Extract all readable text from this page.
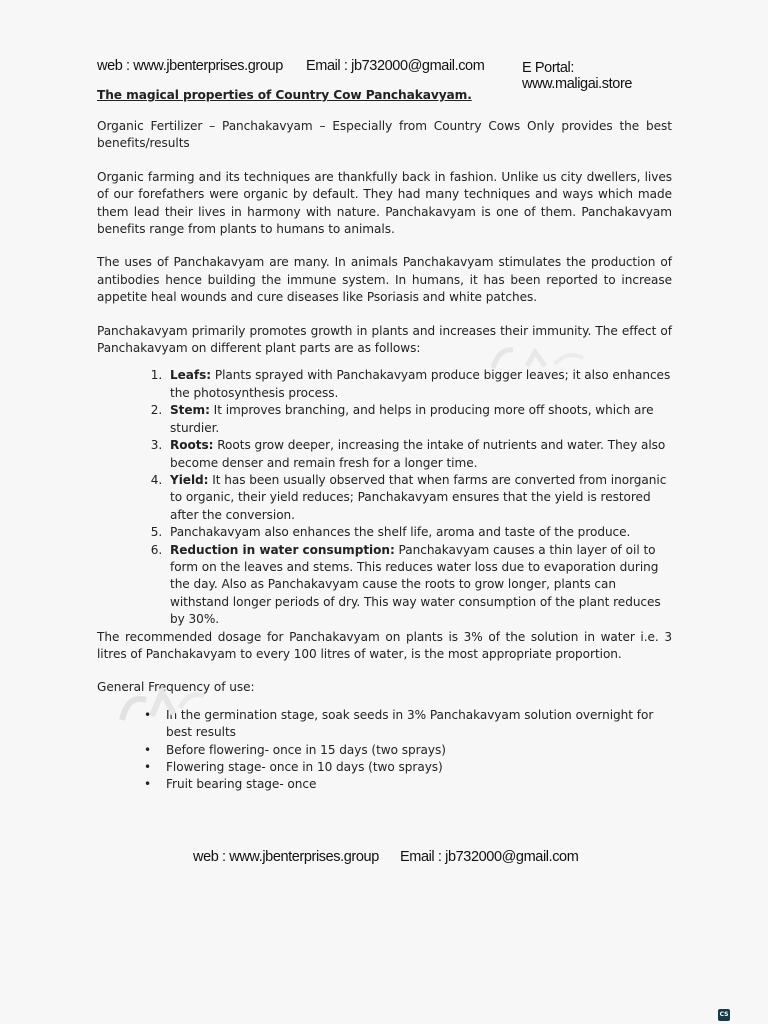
web : www.jbenterprises.group Email : jb732000@gmail.com	E Portal: www.maligai.store
The magical properties of Country Cow Panchakavyam.

Organic Fertilizer – Panchakavyam – Especially from Country Cows Only provides the best benefits/results

Organic farming and its techniques are thankfully back in fashion. Unlike us city dwellers, lives of our forefathers were organic by default. They had many techniques and ways which made them lead their lives in harmony with nature. Panchakavyam is one of them. Panchakavyam benefits range from plants to humans to animals.

The uses of Panchakavyam are many. In animals Panchakavyam stimulates the production of antibodies hence building the immune system. In humans, it has been reported to increase appetite heal wounds and cure diseases like Psoriasis and white patches.

Panchakavyam primarily promotes growth in plants and increases their immunity. The effect of Panchakavyam on different plant parts are as follows:

1. Leafs: Plants sprayed with Panchakavyam produce bigger leaves; it also enhances the photosynthesis process.
2. Stem: It improves branching, and helps in producing more off shoots, which are sturdier.
3. Roots: Roots grow deeper, increasing the intake of nutrients and water. They also become denser and remain fresh for a longer time.
4. Yield: It has been usually observed that when farms are converted from inorganic to organic, their yield reduces; Panchakavyam ensures that the yield is restored after the conversion.
5. Panchakavyam also enhances the shelf life, aroma and taste of the produce.
6. Reduction in water consumption: Panchakavyam causes a thin layer of oil to form on the leaves and stems. This reduces water loss due to evaporation during the day. Also as Panchakavyam cause the roots to grow longer, plants can withstand longer periods of dry. This way water consumption of the plant reduces by 30%.

The recommended dosage for Panchakavyam on plants is 3% of the solution in water i.e. 3 litres of Panchakavyam to every 100 litres of water, is the most appropriate proportion.

General Frequency of use:

• In the germination stage, soak seeds in 3% Panchakavyam solution overnight for best results
• Before flowering- once in 15 days (two sprays)
• Flowering stage- once in 10 days (two sprays)
• Fruit bearing stage- once
web : www.jbenterprises.group Email : jb732000@gmail.com
CS
